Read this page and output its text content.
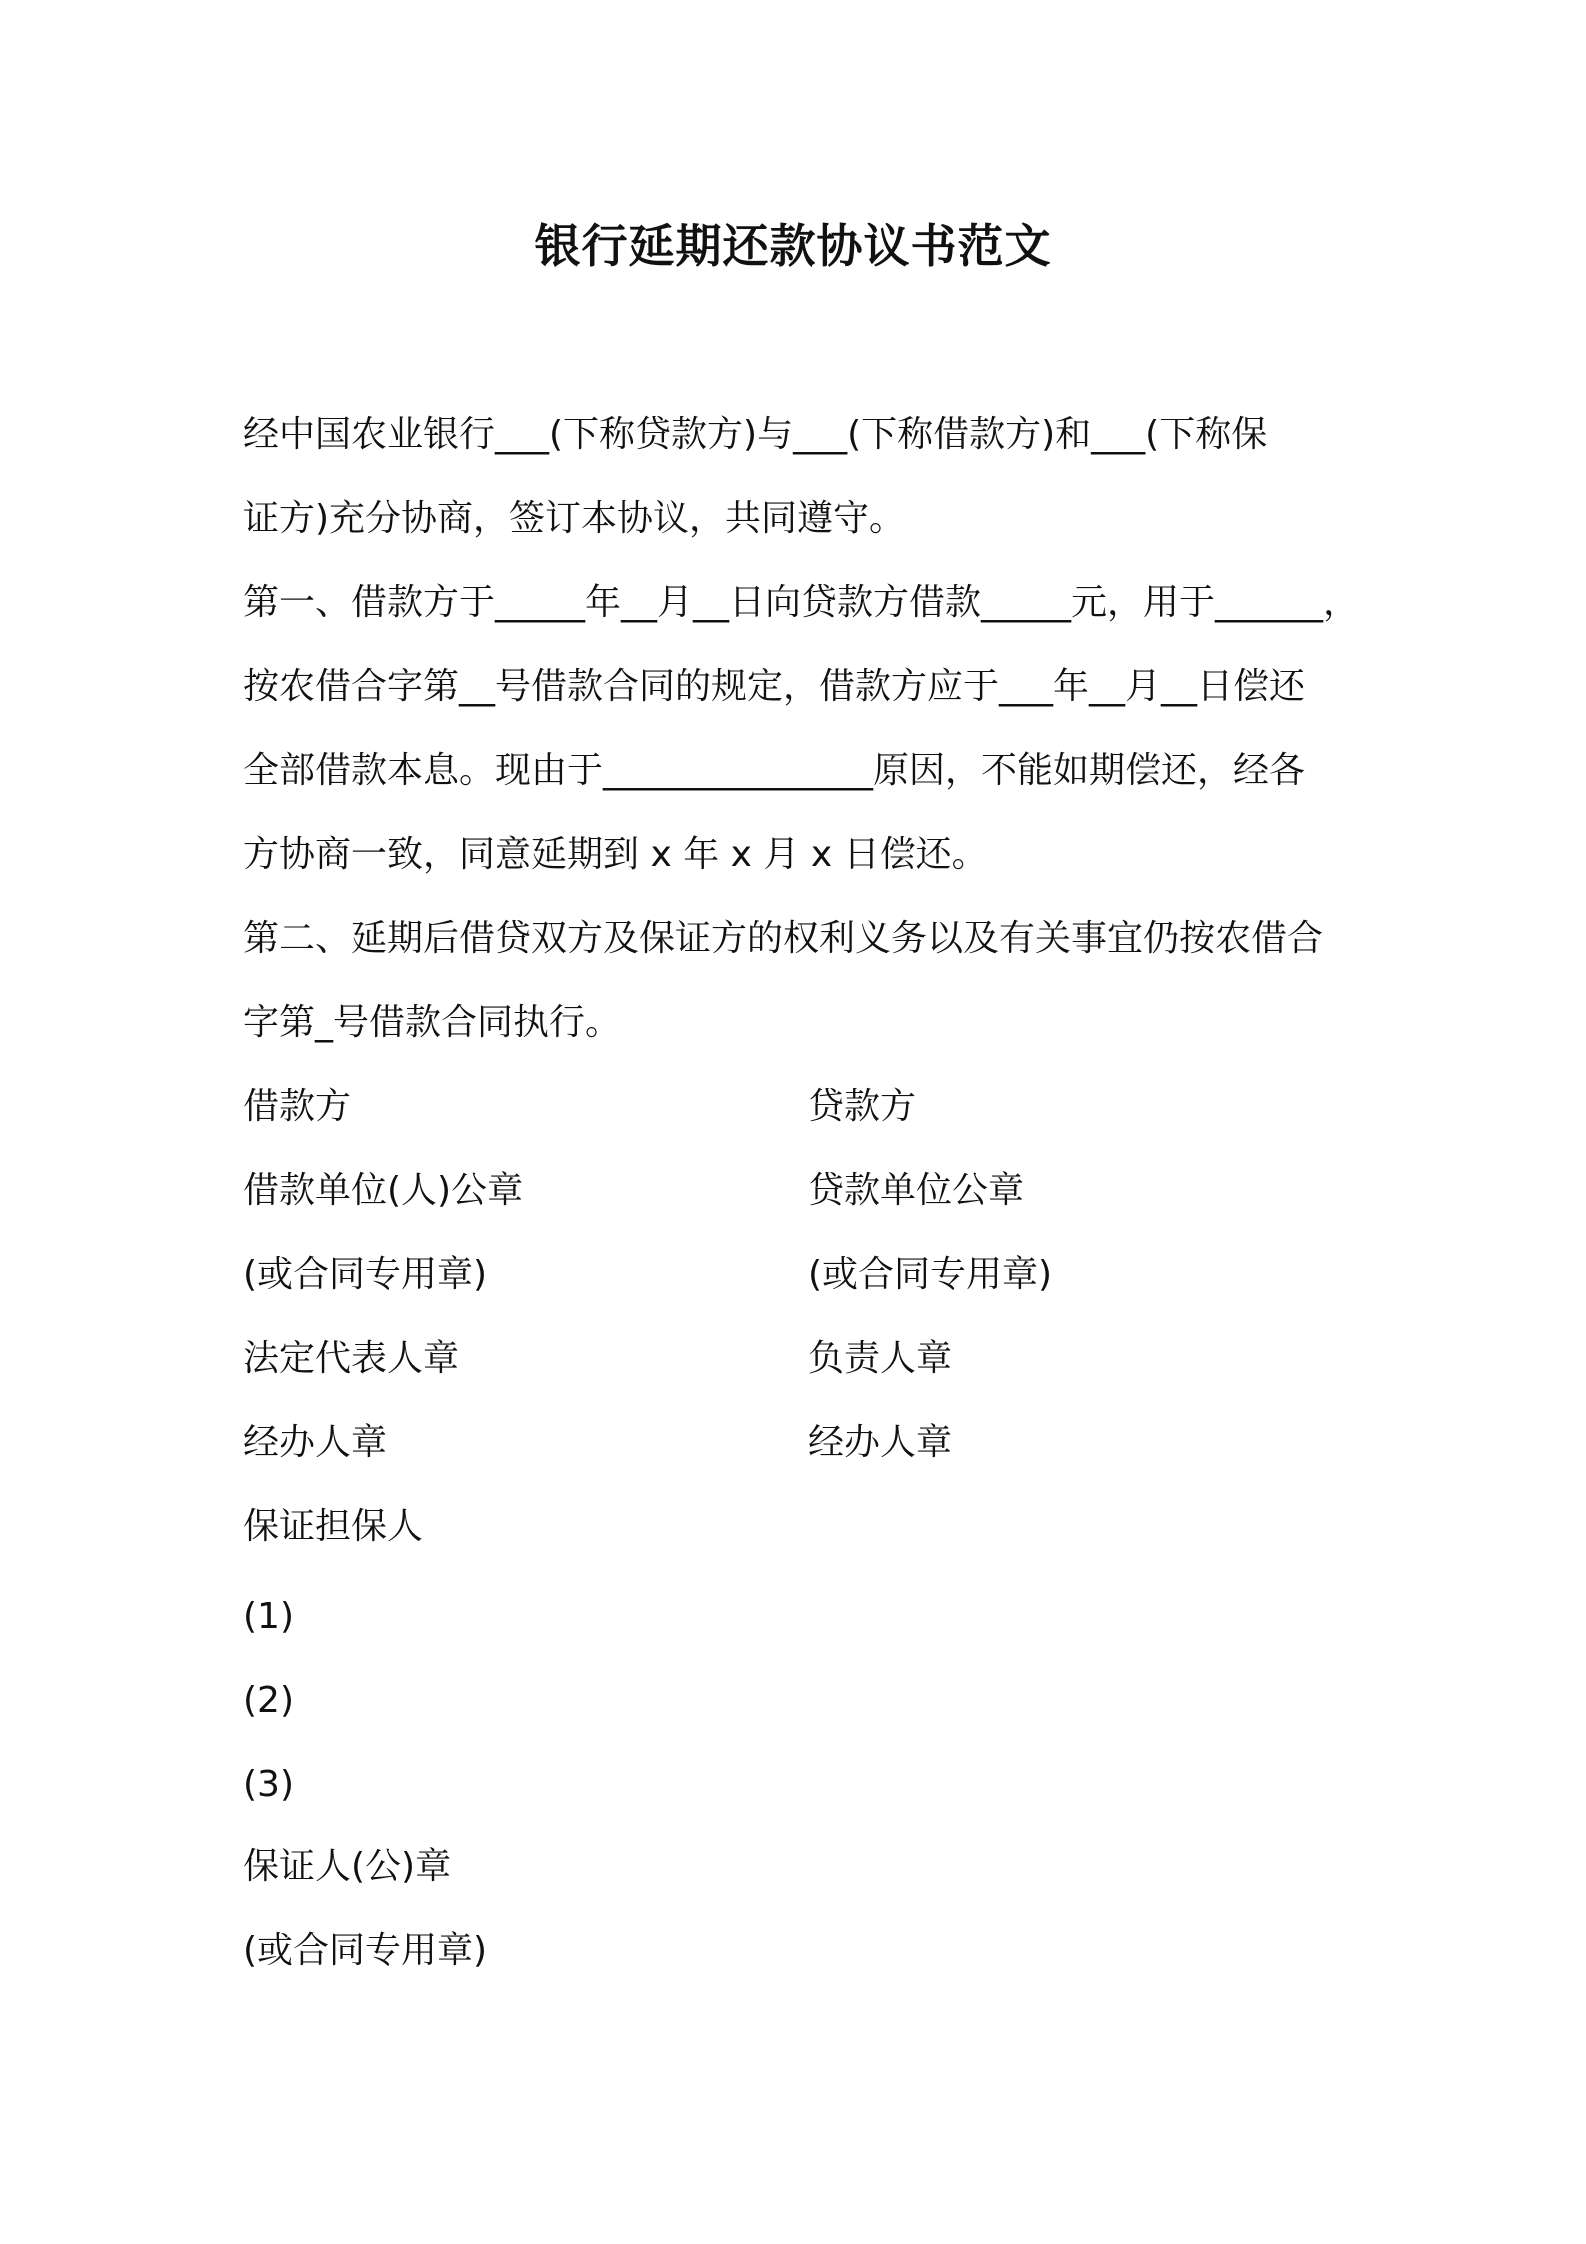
银行延期还款协议书范文
经中国农业银行___(下称贷款方)与___(下称借款方)和___(下称保
证方)充分协商，签订本协议，共同遵守。
第一、借款方于_____年__月__日向贷款方借款_____元，用于______，
按农借合字第__号借款合同的规定，借款方应于___年__月__日偿还
全部借款本息。现由于_______________原因，不能如期偿还，经各
方协商一致，同意延期到 x 年 x 月 x 日偿还。
第二、延期后借贷双方及保证方的权利义务以及有关事宜仍按农借合
字第_号借款合同执行。
借款方	贷款方
借款单位(人)公章	贷款单位公章
(或合同专用章)	(或合同专用章)
法定代表人章	负责人章
经办人章	经办人章
保证担保人
(1)
(2)
(3)
保证人(公)章
(或合同专用章)
